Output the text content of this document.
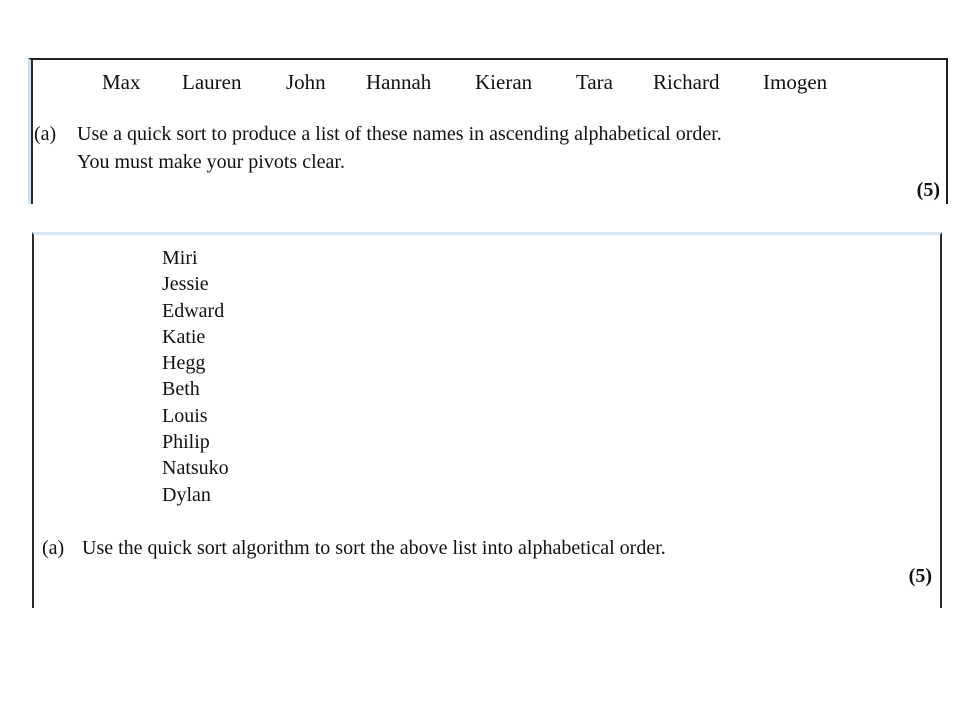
Max Lauren John Hannah Kieran Tara Richard Imogen
(a) Use a quick sort to produce a list of these names in ascending alphabetical order.
You must make your pivots clear.
(5)
Miri
Jessie
Edward
Katie
Hegg
Beth
Louis
Philip
Natsuko
Dylan
(a) Use the quick sort algorithm to sort the above list into alphabetical order.
(5)
